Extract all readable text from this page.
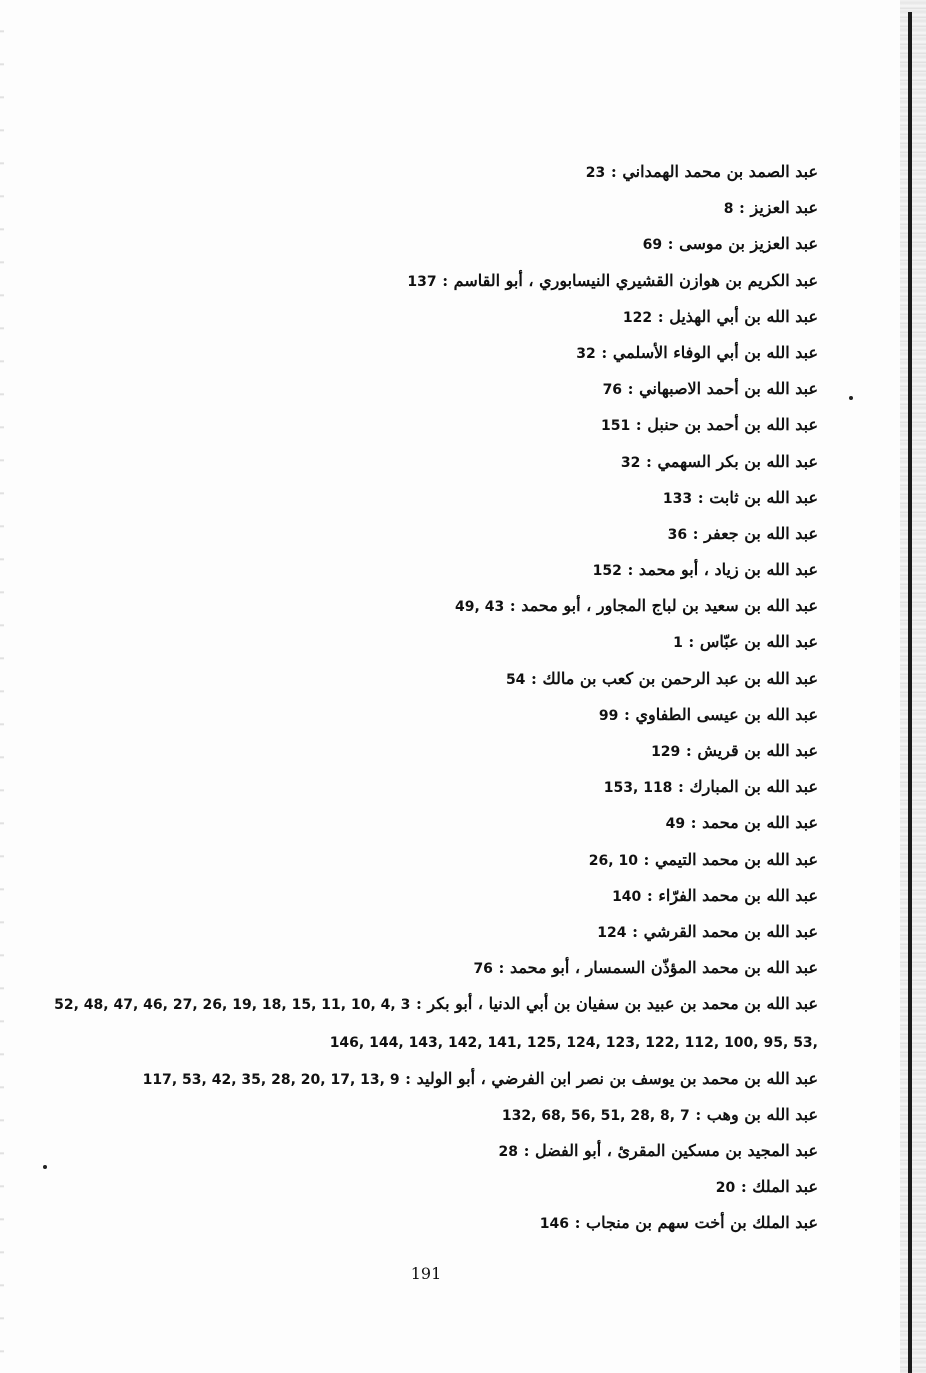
عبد الصمد بن محمد الهمداني : 23
عبد العزيز : 8
عبد العزيز بن موسى : 69
عبد الكريم بن هوازن القشيري النيسابوري ، أبو القاسم : 137
عبد الله بن أبي الهذيل : 122
عبد الله بن أبي الوفاء الأسلمي : 32
عبد الله بن أحمد الاصبهاني : 76
عبد الله بن أحمد بن حنبل : 151
عبد الله بن بكر السهمي : 32
عبد الله بن ثابت : 133
عبد الله بن جعفر : 36
عبد الله بن زياد ، أبو محمد : 152
عبد الله بن سعيد بن لباج المجاور ، أبو محمد : 43 ,49
عبد الله بن عبّاس : 1
عبد الله بن عبد الرحمن بن كعب بن مالك : 54
عبد الله بن عيسى الطفاوي : 99
عبد الله بن قريش : 129
عبد الله بن المبارك : 118 ,153
عبد الله بن محمد : 49
عبد الله بن محمد التيمي : 10 ,26
عبد الله بن محمد الفرّاء : 140
عبد الله بن محمد القرشي : 124
عبد الله بن محمد المؤذّن السمسار ، أبو محمد : 76
عبد الله بن محمد بن عبيد بن سفيان بن أبي الدنيا ، أبو بكر : 3 ,4 ,10 ,11 ,15 ,18 ,19 ,26 ,27 ,46 ,47 ,48 ,52 ,53 ,95 ,100 ,112 ,122 ,123 ,124 ,125 ,141 ,142 ,143 ,144 ,146
عبد الله بن محمد بن يوسف بن نصر ابن الفرضي ، أبو الوليد : 9 ,13 ,17 ,20 ,28 ,35 ,42 ,53 ,117
عبد الله بن وهب : 7 ,8 ,28 ,51 ,56 ,68 ,132
عبد المجيد بن مسكين المقرئ ، أبو الفضل : 28
عبد الملك : 20
عبد الملك بن أخت سهم بن منجاب : 146
191
